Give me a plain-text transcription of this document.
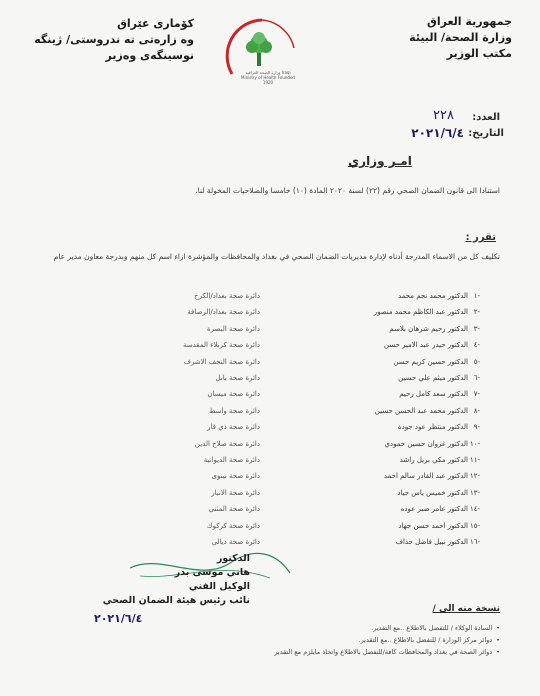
جمهورية العراق
وزارة الصحة/ البيئة
مكتب الوزير
وزارة الصحة العراقية Iraqi Ministry of Health Founded 1920
كۆماری عێراق
وه زارەتی تە ندروستی/ ژینگە
نوسینگەی وەزیر
العدد:
٢٢٨
التاريخ:
٢٠٢١/٦/٤
امـر وزاري
استنادا الى قانون الضمان الصحي رقم (٢٢) لسنة ٢٠٢٠ المادة (١٠) خامسا والصلاحيات المخولة لنا.
تقرر :
تكليف كل من الاسماء المدرجة أدناه لإدارة مديريات الضمان الصحي في بغداد والمحافظات والمؤشرة ازاء اسم كل منهم وبدرجة معاون مدير عام
-١
الدكتور محمد نجم محمد
دائرة صحة بغداد/الكرخ
-٢
الدكتور عبد الكاظم محمد منصور
دائرة صحة بغداد/الرصافة
-٣
الدكتور رحيم شرهان بلاسم
دائرة صحة البصرة
-٤
الدكتور حيدر عبد الامير حسن
دائرة صحة كربلاء المقدسة
-٥
الدكتور حسين كريم حسن
دائرة صحة النجف الاشرف
-٦
الدكتور ميثم علي حسين
دائرة صحة بابل
-٧
الدكتور سعد كامل رحيم
دائرة صحة ميسان
-٨
الدكتور محمد عبد الحسن حسين
دائرة صحة واسط
-٩
الدكتور منتظر عود جودة
دائرة صحة ذي قار
-١٠
الدكتور غزوان حسين حمودي
دائرة صحة صلاح الدين
-١١
الدكتور مكي بريل راشد
دائرة صحة الديوانية
-١٢
الدكتور عبد القادر سالم احمد
دائرة صحة نينوى
-١٣
الدكتور خميس ياس جياد
دائرة صحة الانبار
-١٤
الدكتور عامر صبر عوده
دائرة صحة المثنى
-١٥
الدكتور احمد حسن جهاد
دائرة صحة كركوك
-١٦
الدكتور نبيل فاضل حذاف
دائرة صحة ديالى
الدكتور
هاني موسى بدر
الوكيل الفني
نائب رئيس هيئة الضمان الصحي
٢٠٢١/٦/٤
نسخة منه الى /
•السادة الوكلاء / للتفضل بالاطلاع ..مع التقدير.
•دوائر مركز الوزارة / للتفضل بالاطلاع ..مع التقدير.
•دوائر الصحة في بغداد والمحافظات كافة/للتفضل بالاطلاع واتخاذ مايلزم مع التقدير
